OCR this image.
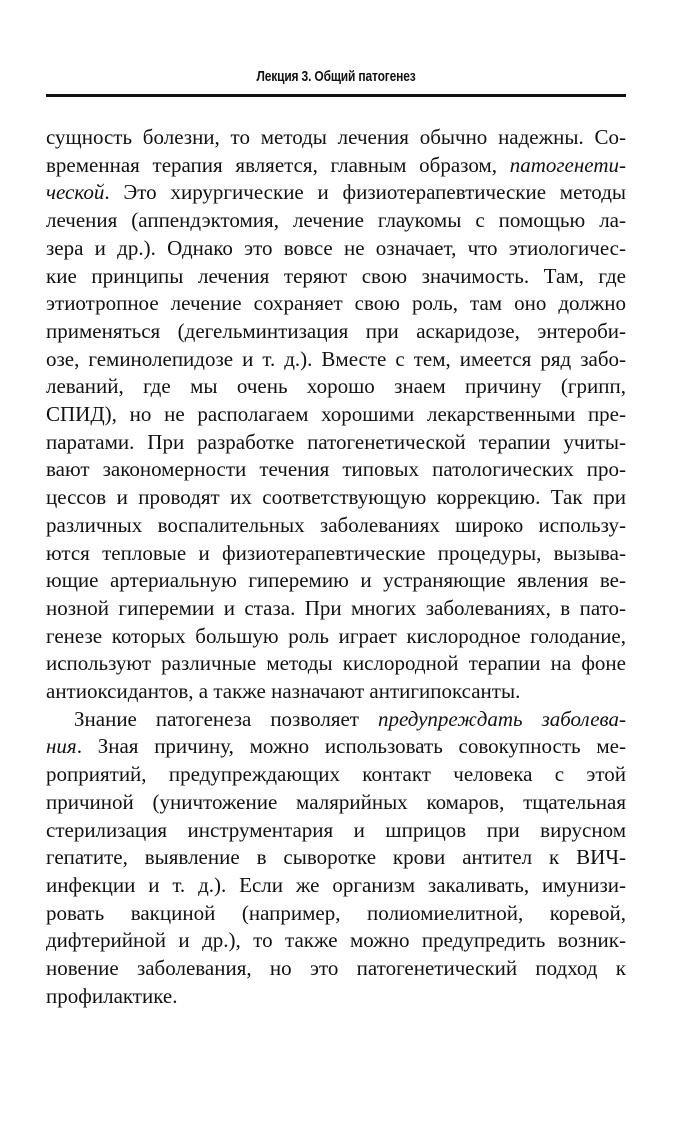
Лекция 3. Общий патогенез
сущность болезни, то методы лечения обычно надежны. Со-
временная терапия является, главным образом, патогенети-
ческой. Это хирургические и физиотерапевтические методы
лечения (аппендэктомия, лечение глаукомы с помощью ла-
зера и др.). Однако это вовсе не означает, что этиологичес-
кие принципы лечения теряют свою значимость. Там, где
этиотропное лечение сохраняет свою роль, там оно должно
применяться (дегельминтизация при аскаридозе, энтероби-
озе, геминолепидозе и т. д.). Вместе с тем, имеется ряд забо-
леваний, где мы очень хорошо знаем причину (грипп,
СПИД), но не располагаем хорошими лекарственными пре-
паратами. При разработке патогенетической терапии учиты-
вают закономерности течения типовых патологических про-
цессов и проводят их соответствующую коррекцию. Так при
различных воспалительных заболеваниях широко использу-
ются тепловые и физиотерапевтические процедуры, вызыва-
ющие артериальную гиперемию и устраняющие явления ве-
нозной гиперемии и стаза. При многих заболеваниях, в пато-
генезе которых большую роль играет кислородное голодание,
используют различные методы кислородной терапии на фоне
антиоксидантов, а также назначают антигипоксанты.
Знание патогенеза позволяет предупреждать заболева-
ния. Зная причину, можно использовать совокупность ме-
роприятий, предупреждающих контакт человека с этой
причиной (уничтожение малярийных комаров, тщательная
стерилизация инструментария и шприцов при вирусном
гепатите, выявление в сыворотке крови антител к ВИЧ-
инфекции и т. д.). Если же организм закаливать, имунизи-
ровать вакциной (например, полиомиелитной, коревой,
дифтерийной и др.), то также можно предупредить возник-
новение заболевания, но это патогенетический подход к
профилактике.
